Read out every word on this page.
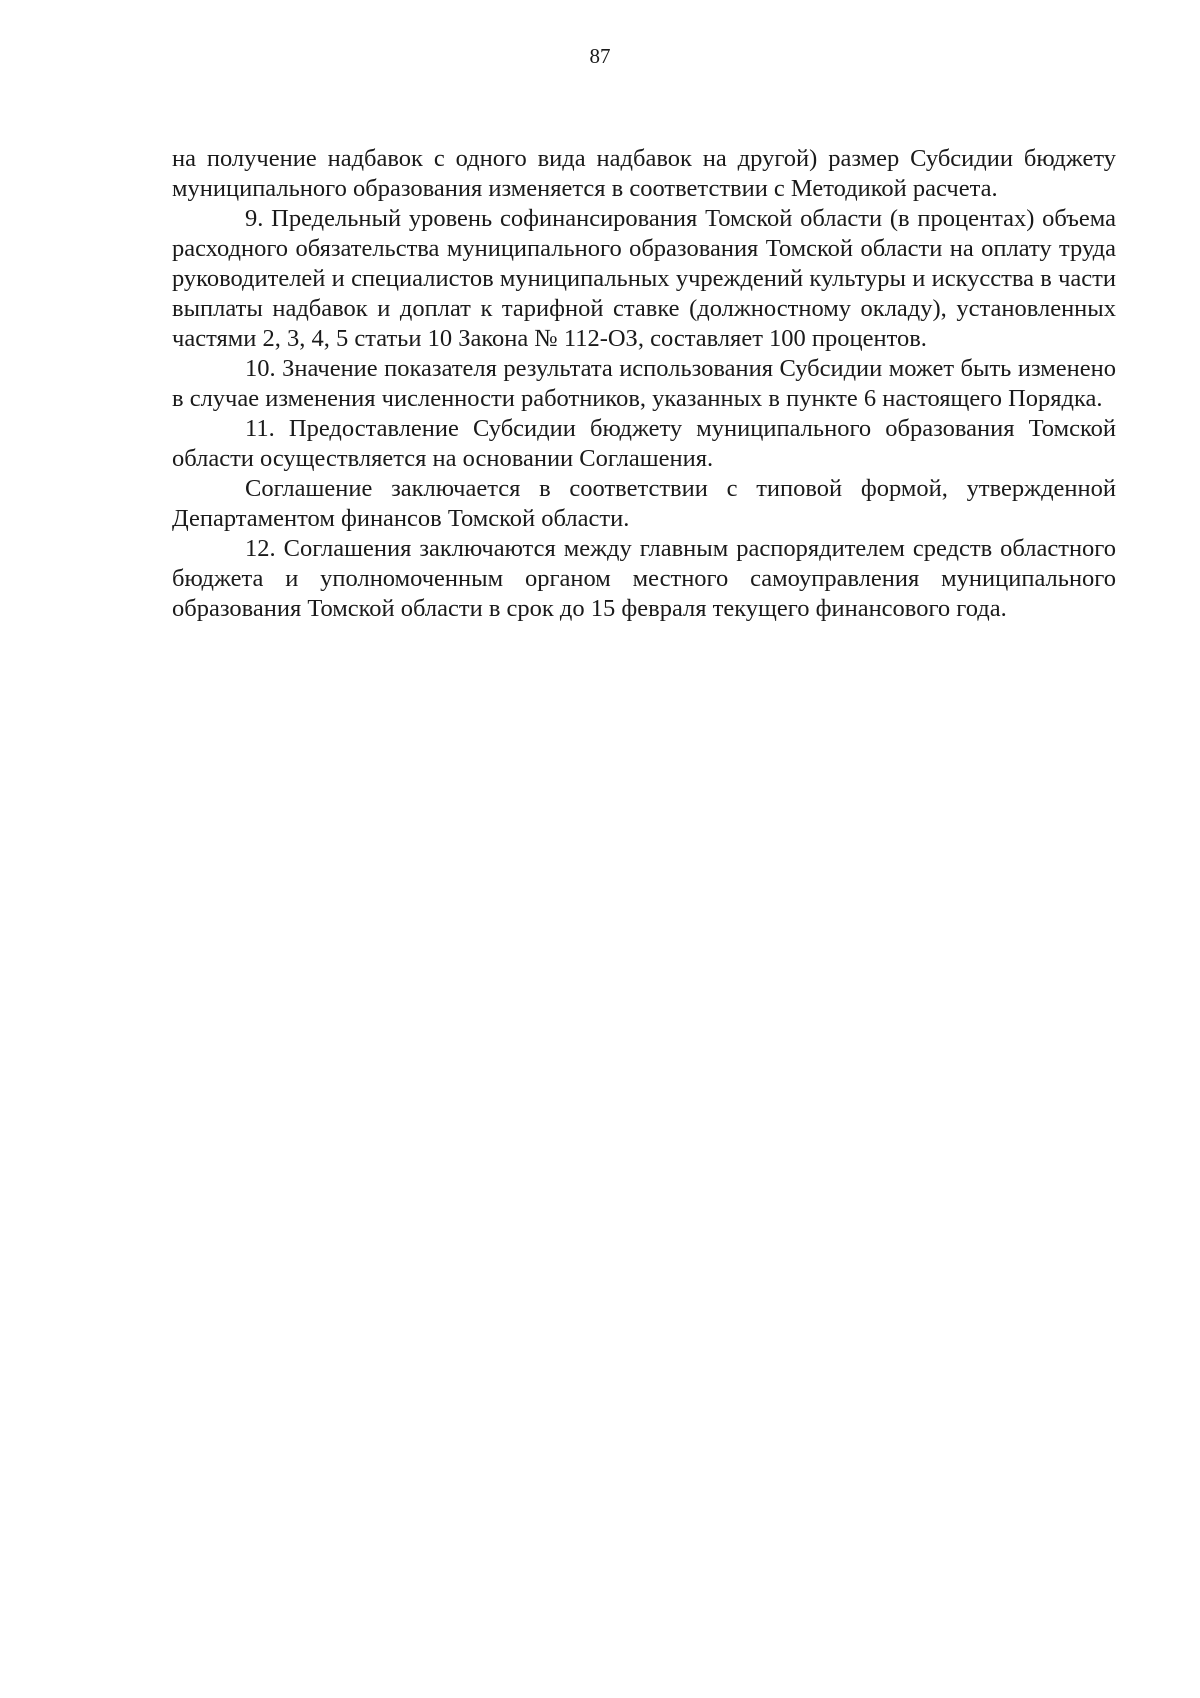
87

на получение надбавок с одного вида надбавок на другой) размер Субсидии бюджету муниципального образования изменяется в соответствии с Методикой расчета.

9. Предельный уровень софинансирования Томской области (в процентах) объема расходного обязательства муниципального образования Томской области на оплату труда руководителей и специалистов муниципальных учреждений культуры и искусства в части выплаты надбавок и доплат к тарифной ставке (должностному окладу), установленных частями 2, 3, 4, 5 статьи 10 Закона № 112-ОЗ, составляет 100 процентов.

10. Значение показателя результата использования Субсидии может быть изменено в случае изменения численности работников, указанных в пункте 6 настоящего Порядка.

11. Предоставление Субсидии бюджету муниципального образования Томской области осуществляется на основании Соглашения.

Соглашение заключается в соответствии с типовой формой, утвержденной Департаментом финансов Томской области.

12. Соглашения заключаются между главным распорядителем средств областного бюджета и уполномоченным органом местного самоуправления муниципального образования Томской области в срок до 15 февраля текущего финансового года.
